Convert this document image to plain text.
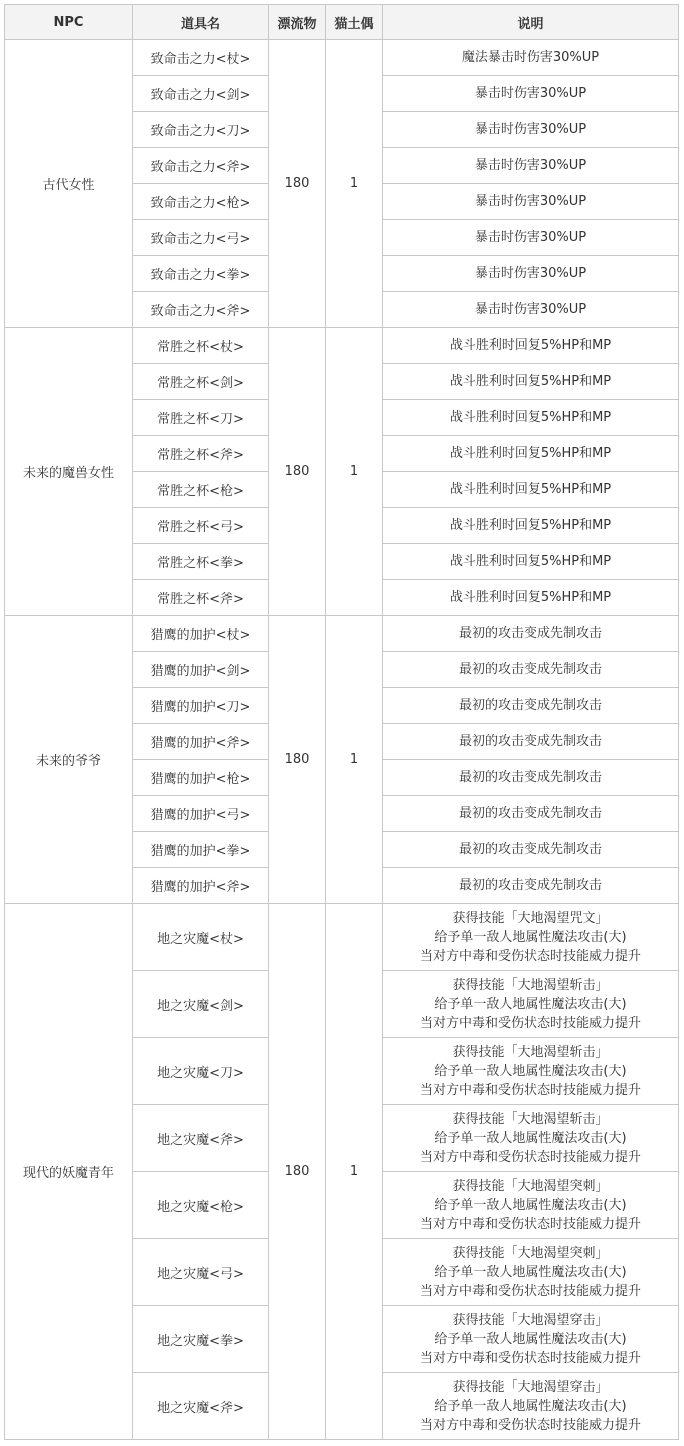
NPC	道具名	漂流物	猫土偶	说明
古代女性	致命击之力<杖>	180	1	魔法暴击时伤害30%UP

	致命击之力<剑>			暴击时伤害30%UP

	致命击之力<刀>			暴击时伤害30%UP

	致命击之力<斧>			暴击时伤害30%UP

	致命击之力<枪>			暴击时伤害30%UP

	致命击之力<弓>			暴击时伤害30%UP

	致命击之力<拳>			暴击时伤害30%UP

	致命击之力<斧>			暴击时伤害30%UP

未来的魔兽女性	常胜之杯<杖>	180	1	战斗胜利时回复5%HP和MP

	常胜之杯<剑>			战斗胜利时回复5%HP和MP

	常胜之杯<刀>			战斗胜利时回复5%HP和MP

	常胜之杯<斧>			战斗胜利时回复5%HP和MP

	常胜之杯<枪>			战斗胜利时回复5%HP和MP

	常胜之杯<弓>			战斗胜利时回复5%HP和MP

	常胜之杯<拳>			战斗胜利时回复5%HP和MP

	常胜之杯<斧>			战斗胜利时回复5%HP和MP

未来的爷爷	猎鹰的加护<杖>	180	1	最初的攻击变成先制攻击

	猎鹰的加护<剑>			最初的攻击变成先制攻击

	猎鹰的加护<刀>			最初的攻击变成先制攻击

	猎鹰的加护<斧>			最初的攻击变成先制攻击

	猎鹰的加护<枪>			最初的攻击变成先制攻击

	猎鹰的加护<弓>			最初的攻击变成先制攻击

	猎鹰的加护<拳>			最初的攻击变成先制攻击

	猎鹰的加护<斧>			最初的攻击变成先制攻击

现代的妖魔青年	地之灾魔<杖>	180	1	获得技能「大地渴望咒文」
给予单一敌人地属性魔法攻击(大)
当对方中毒和受伤状态时技能威力提升

	地之灾魔<剑>			获得技能「大地渴望斩击」
给予单一敌人地属性魔法攻击(大)
当对方中毒和受伤状态时技能威力提升

	地之灾魔<刀>			获得技能「大地渴望斩击」
给予单一敌人地属性魔法攻击(大)
当对方中毒和受伤状态时技能威力提升

	地之灾魔<斧>			获得技能「大地渴望斩击」
给予单一敌人地属性魔法攻击(大)
当对方中毒和受伤状态时技能威力提升

	地之灾魔<枪>			获得技能「大地渴望突刺」
给予单一敌人地属性魔法攻击(大)
当对方中毒和受伤状态时技能威力提升

	地之灾魔<弓>			获得技能「大地渴望突刺」
给予单一敌人地属性魔法攻击(大)
当对方中毒和受伤状态时技能威力提升

	地之灾魔<拳>			获得技能「大地渴望穿击」
给予单一敌人地属性魔法攻击(大)
当对方中毒和受伤状态时技能威力提升

	地之灾魔<斧>			获得技能「大地渴望穿击」
给予单一敌人地属性魔法攻击(大)
当对方中毒和受伤状态时技能威力提升
